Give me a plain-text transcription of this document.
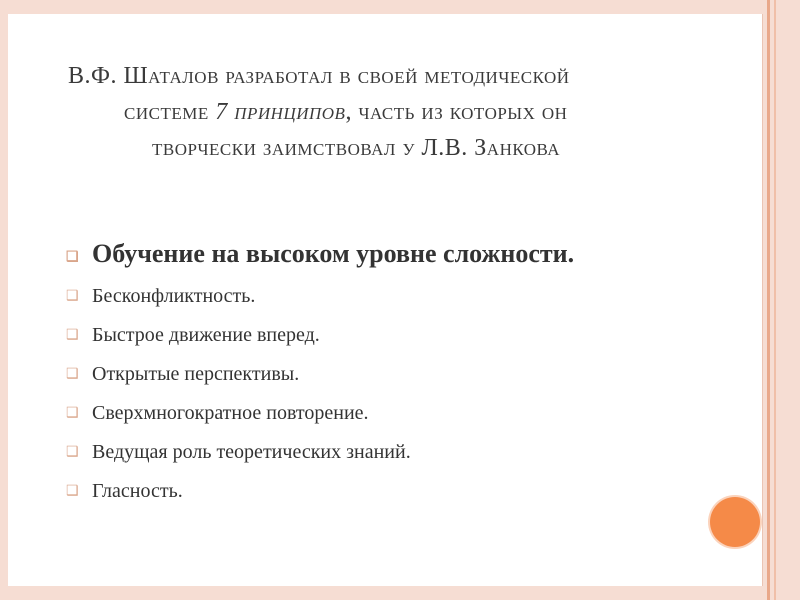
В.Ф. Шаталов разработал в своей методической
системе 7 принципов, часть из которых он
творчески заимствовал у Л.В. Занкова
❑ Обучение на высоком уровне сложности.
❑ Бесконфликтность.
❑ Быстрое движение вперед.
❑ Открытые перспективы.
❑ Сверхмногократное повторение.
❑ Ведущая роль теоретических знаний.
❑ Гласность.
